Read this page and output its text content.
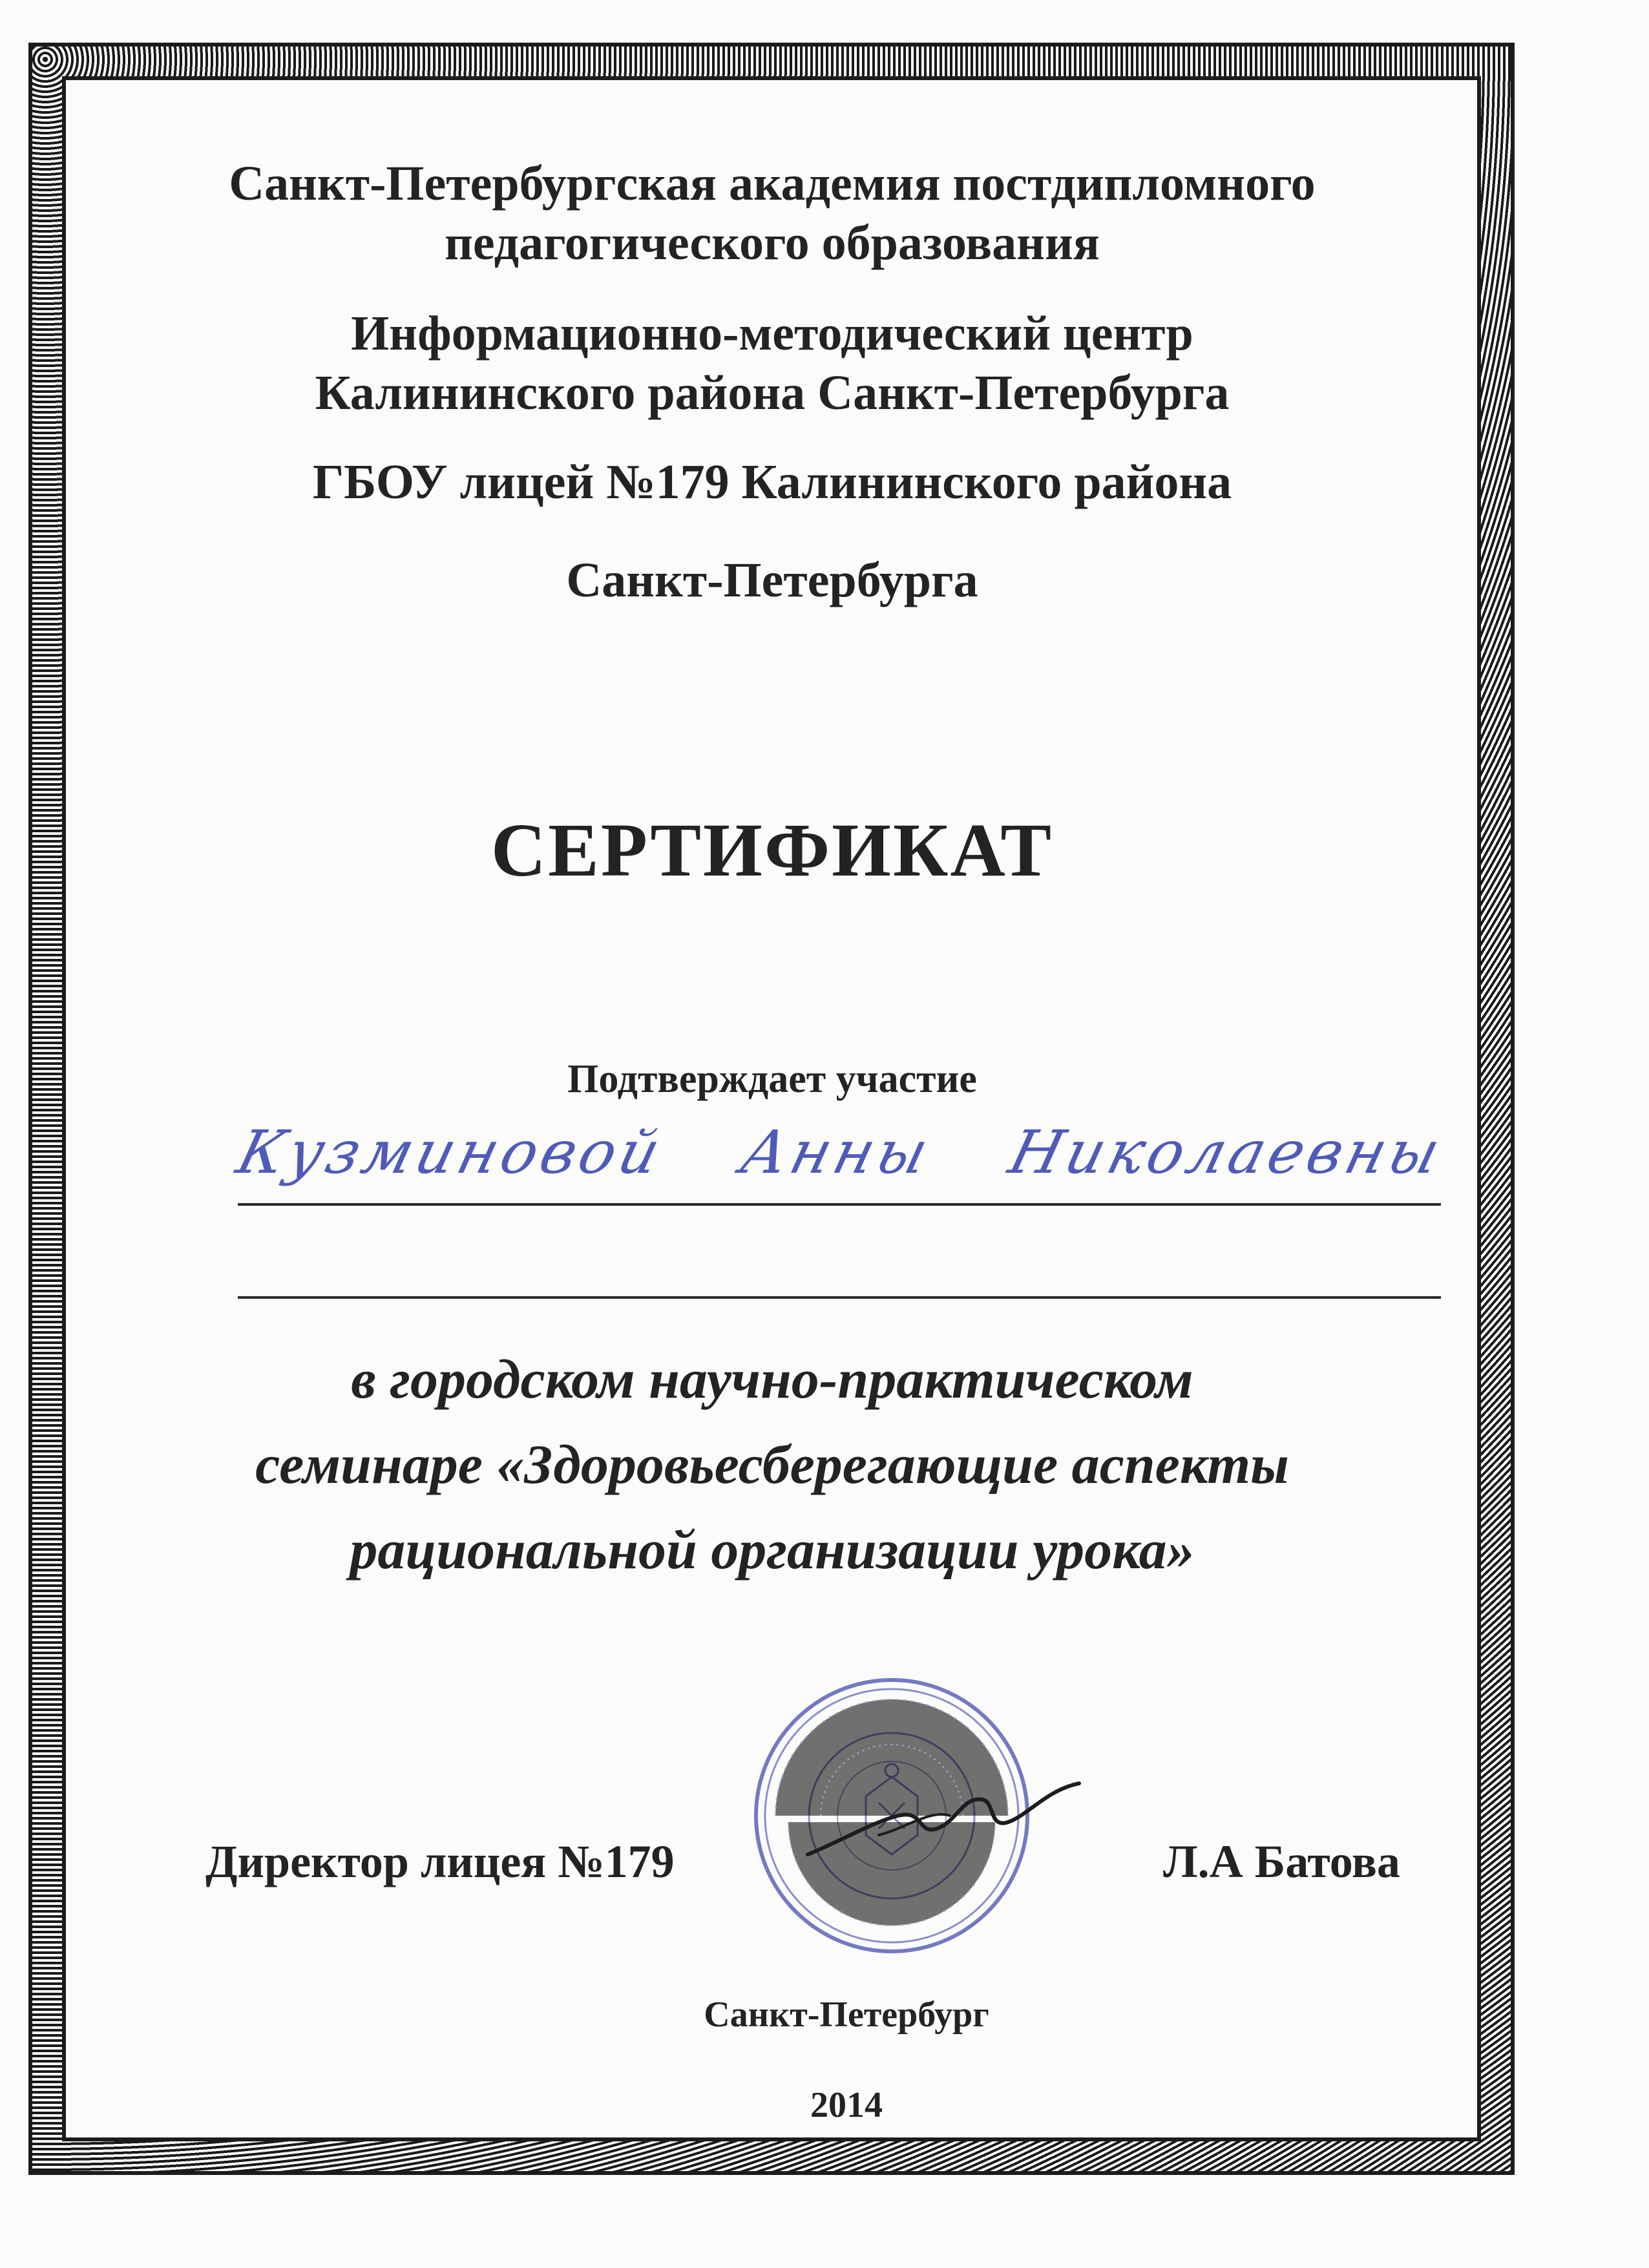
Санкт-Петербургская академия постдипломного
педагогического образования
Информационно-методический центр
Калининского района Санкт-Петербурга
ГБОУ лицей №179 Калининского района
Санкт-Петербурга
СЕРТИФИКАТ
Подтверждает участие
Кузминовой Анны Николаевны
в городском научно-практическом
семинаре «Здоровьесберегающие аспекты
рациональной организации урока»
Директор лицея №179	Л.А Батова
Санкт-Петербург
2014
